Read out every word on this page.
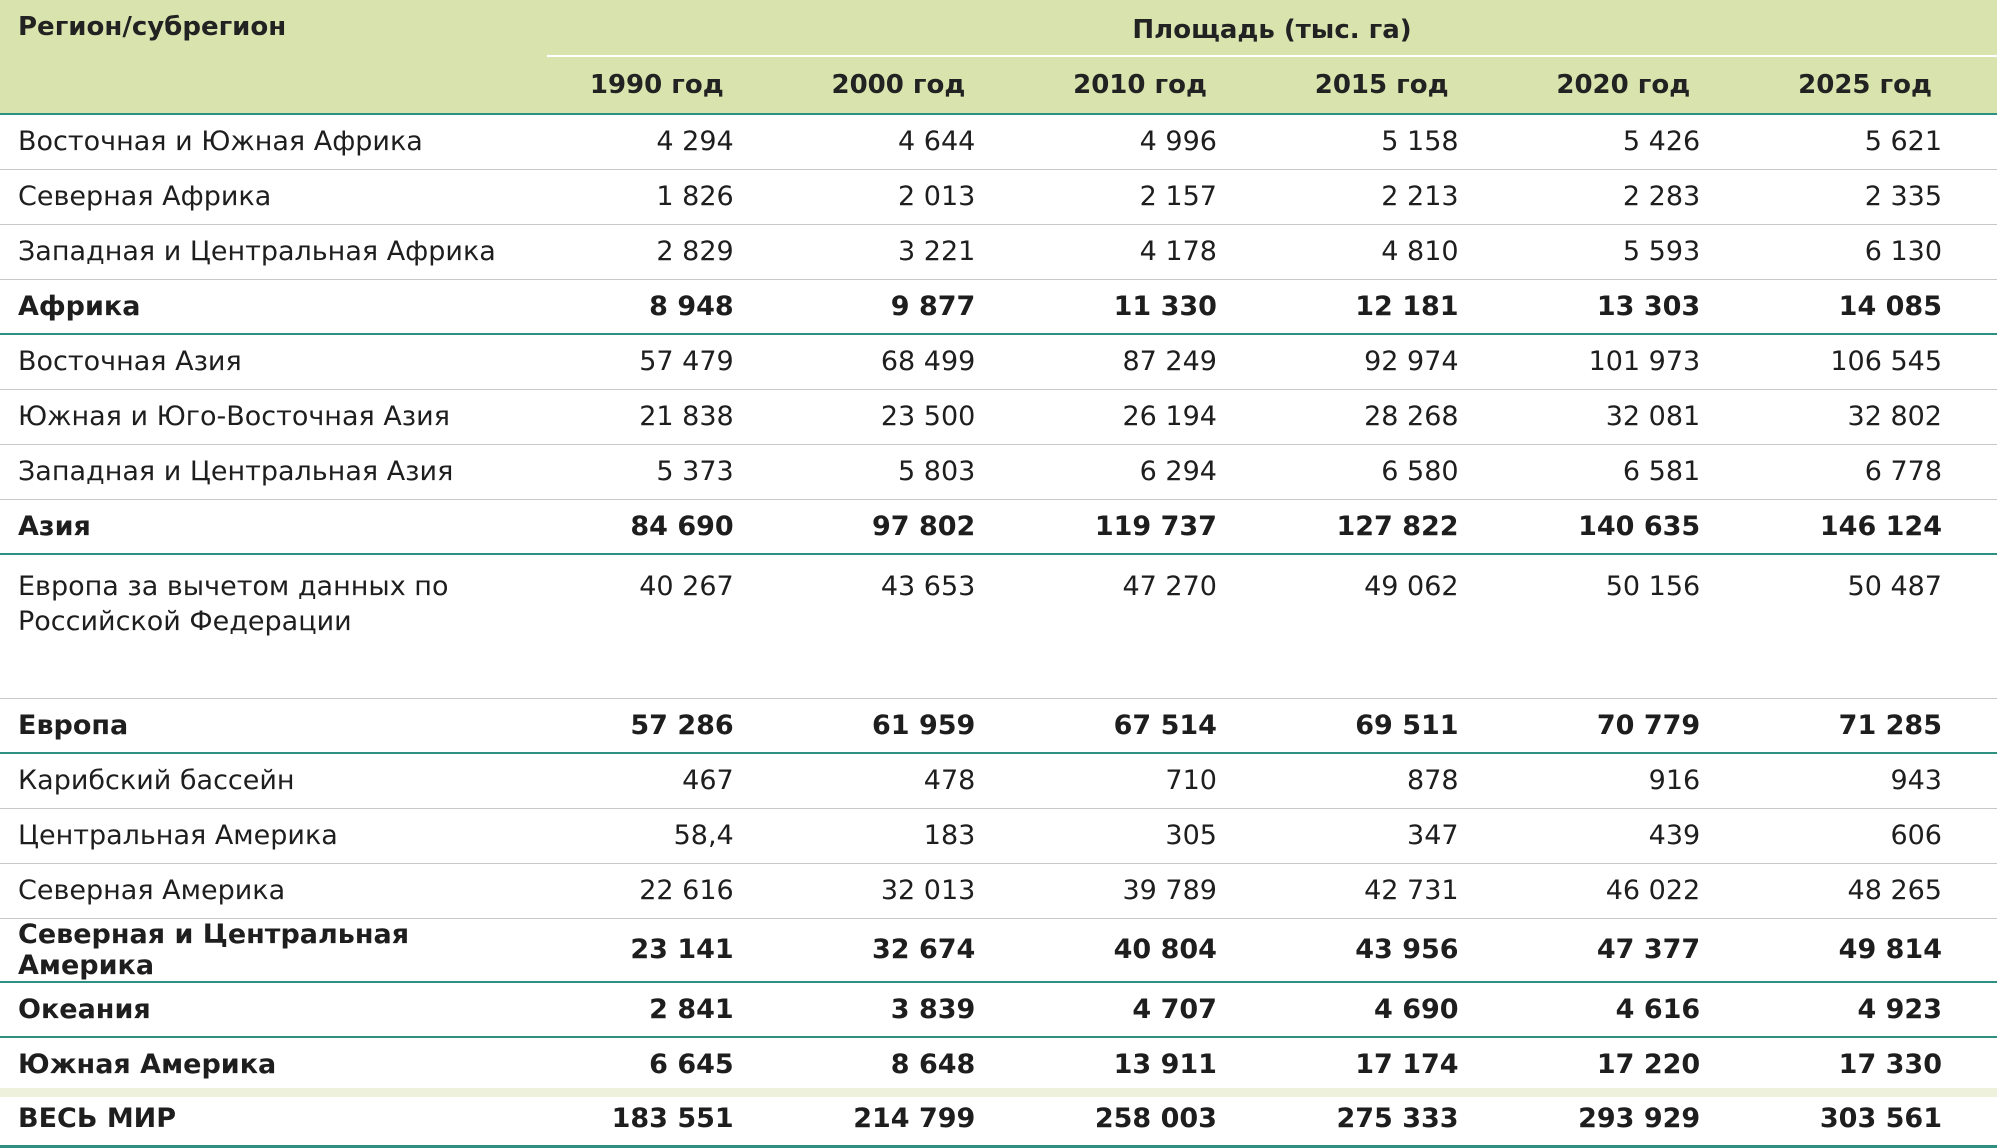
Регион/субрегион	Площадь (тыс. га)					

	1990 год	2000 год	2010 год	2015 год	2020 год	2025 год
Восточная и Южная Африка	4 294	4 644	4 996	5 158	5 426	5 621
Северная Африка	1 826	2 013	2 157	2 213	2 283	2 335
Западная и Центральная Африка	2 829	3 221	4 178	4 810	5 593	6 130
Африка	8 948	9 877	11 330	12 181	13 303	14 085
Восточная Азия	57 479	68 499	87 249	92 974	101 973	106 545
Южная и Юго-Восточная Азия	21 838	23 500	26 194	28 268	32 081	32 802
Западная и Центральная Азия	5 373	5 803	6 294	6 580	6 581	6 778
Азия	84 690	97 802	119 737	127 822	140 635	146 124
Европа за вычетом данных по Российской Федерации	40 267	43 653	47 270	49 062	50 156	50 487
Европа	57 286	61 959	67 514	69 511	70 779	71 285
Карибский бассейн	467	478	710	878	916	943
Центральная Америка	58,4	183	305	347	439	606
Северная Америка	22 616	32 013	39 789	42 731	46 022	48 265
Северная и Центральная Америка	23 141	32 674	40 804	43 956	47 377	49 814
Океания	2 841	3 839	4 707	4 690	4 616	4 923
Южная Америка	6 645	8 648	13 911	17 174	17 220	17 330
ВЕСЬ МИР	183 551	214 799	258 003	275 333	293 929	303 561
